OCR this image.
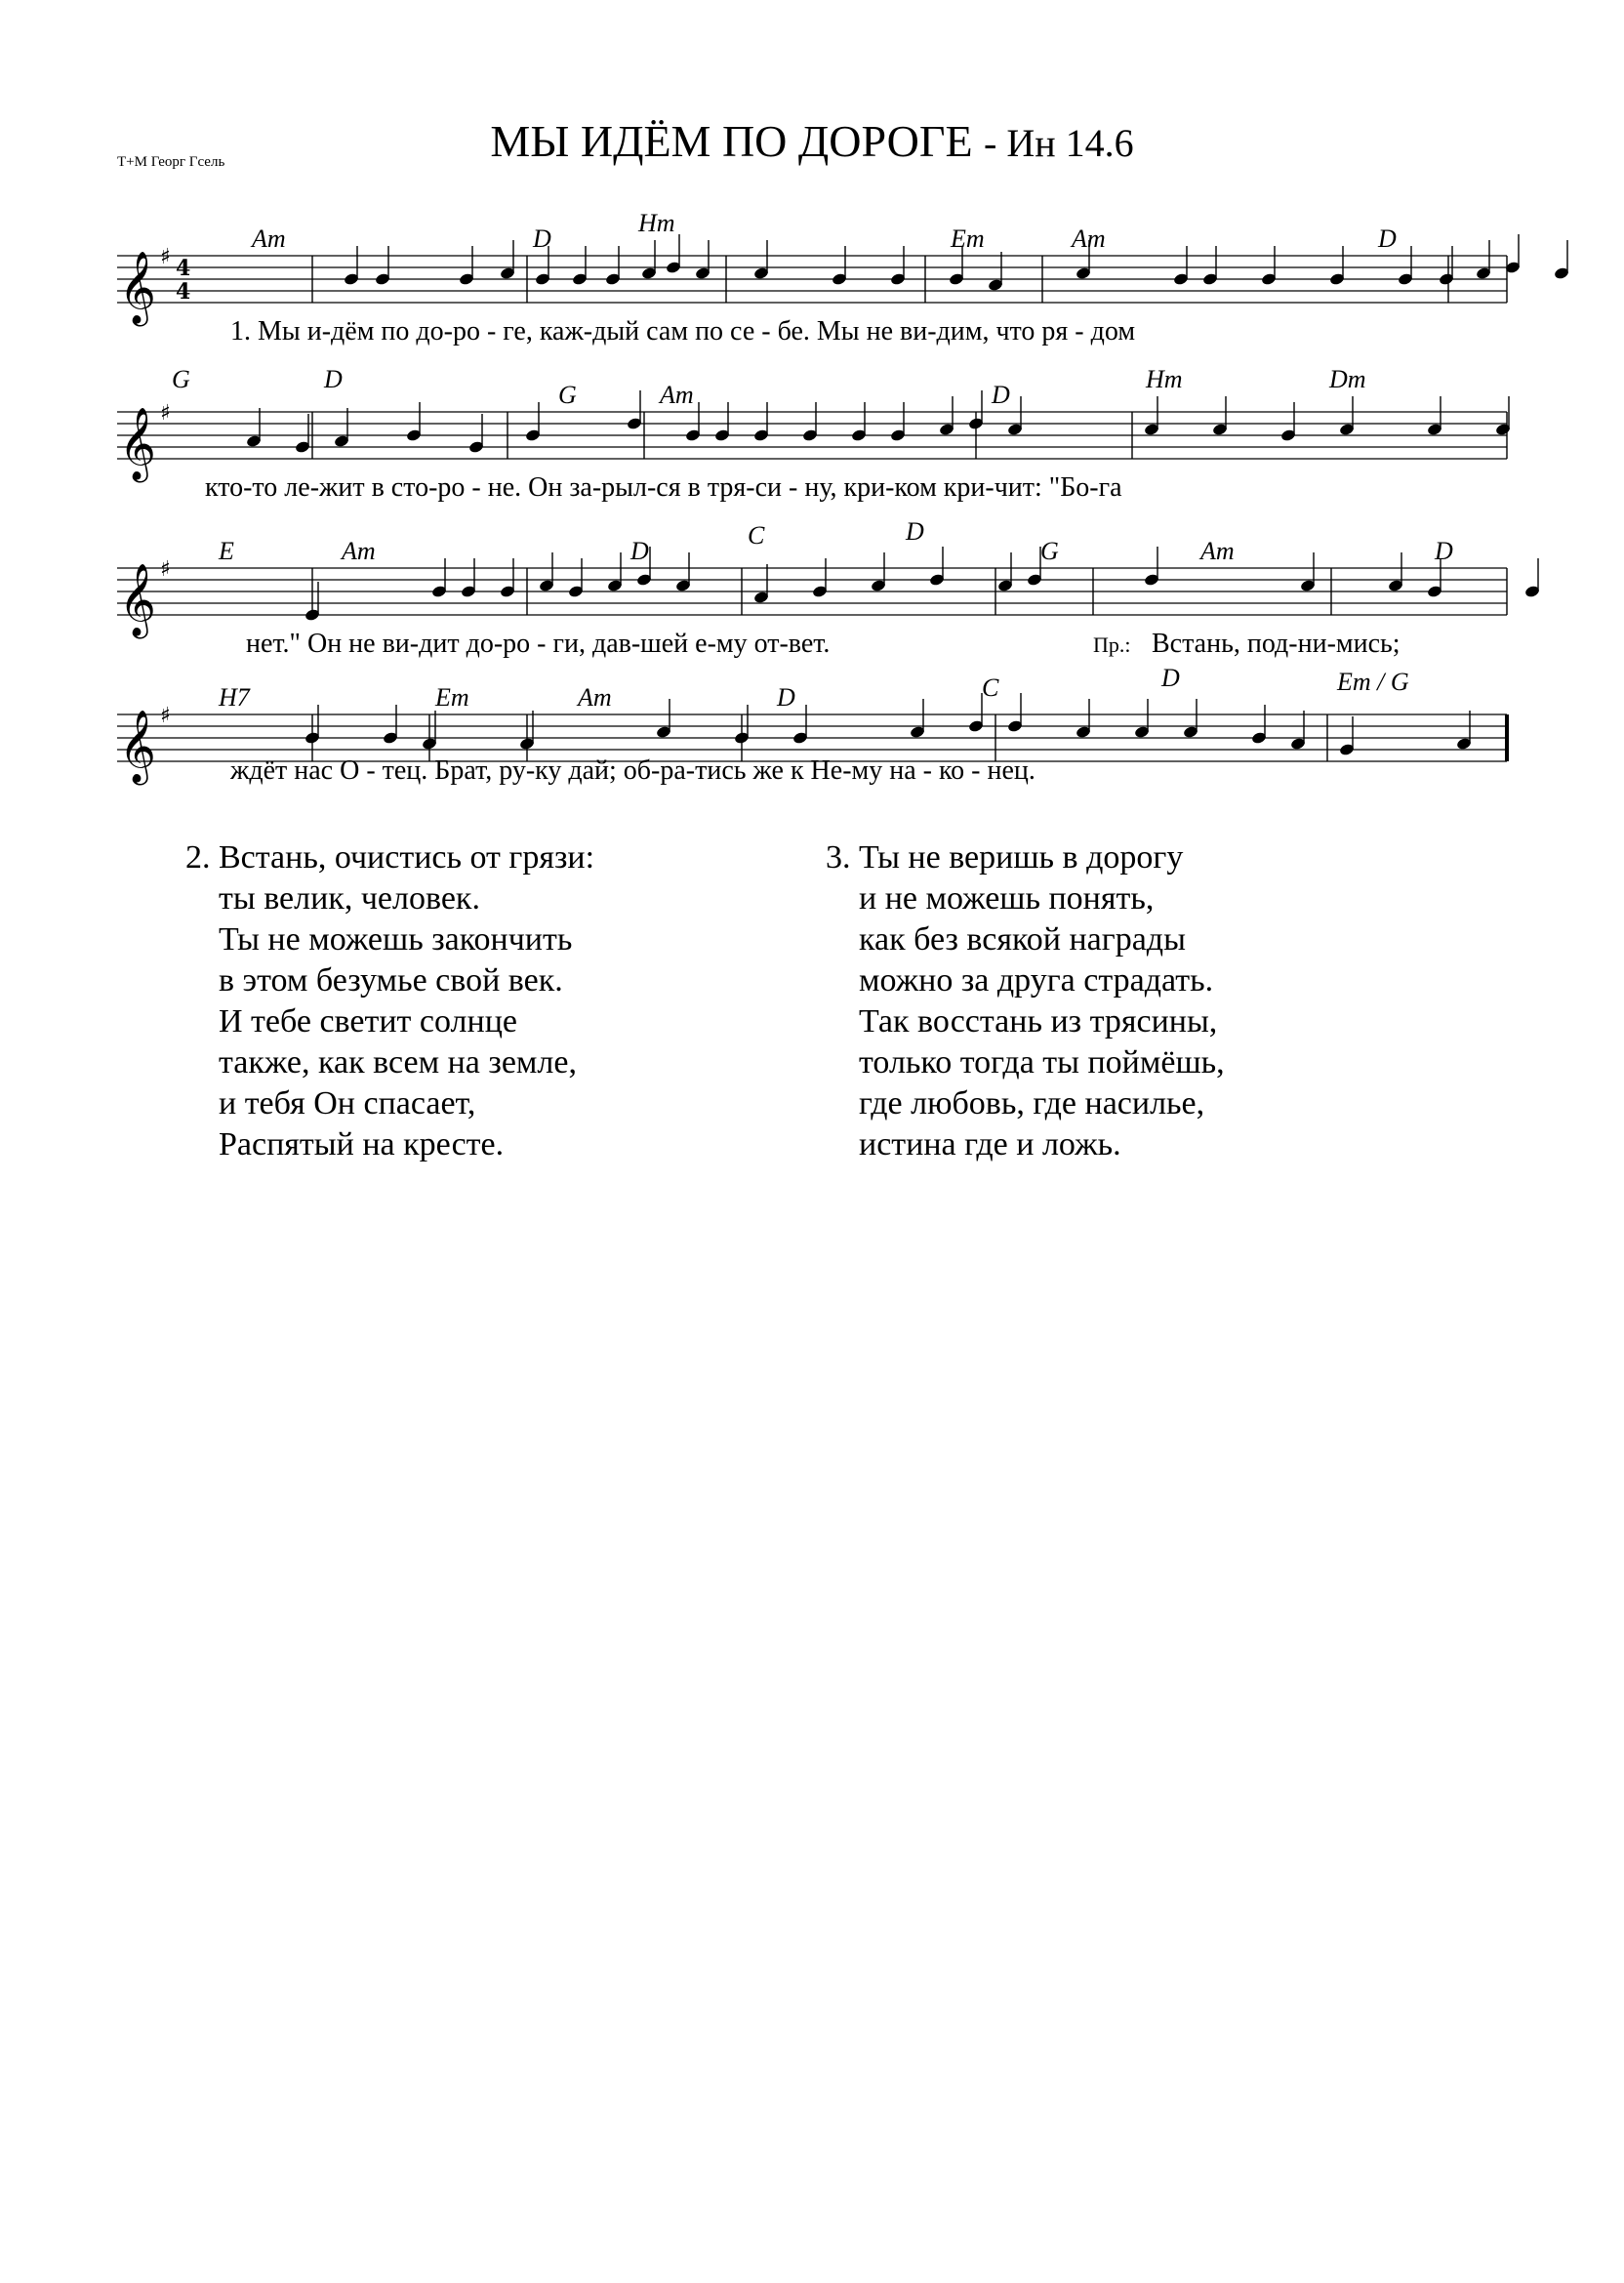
Т+М Георг Гсель	МЫ ИДЁМ ПО ДОРОГЕ - Ин 14.6
𝄞 ♯ 4
4
Am	D
Hm
Em	Am	D
1. Мы и-дём по до-ро - ге, каж-дый сам по се - бе. Мы не ви-дим, что ря - дом
𝄞 ♯
G	D
G	Am	D
Hm	Dm
кто-то ле-жит в сто-ро - не. Он за-рыл-ся в тря-си - ну, кри-ком кри-чит: "Бо-га
𝄞 ♯
E	Am	D
C	D
G	Am	D
нет." Он не ви-дит до-ро - ги, дав-шей е-му от-вет.	Пр.: Встань, под-ни-мись;
𝄞 ♯
H7	Em	Am	D	C	D	Em / G
ждёт нас О - тец. Брат, ру-ку дай; об-ра-тись же к Не-му на - ко - нец.
2. Встань, очистись от грязи:
ты велик, человек.
Ты не можешь закончить
в этом безумье свой век.
И тебе светит солнце
также, как всем на земле,
и тебя Он спасает,
Распятый на кресте.
3. Ты не веришь в дорогу
и не можешь понять,
как без всякой награды
можно за друга страдать.
Так восстань из трясины,
только тогда ты поймёшь,
где любовь, где насилье,
истина где и ложь.
